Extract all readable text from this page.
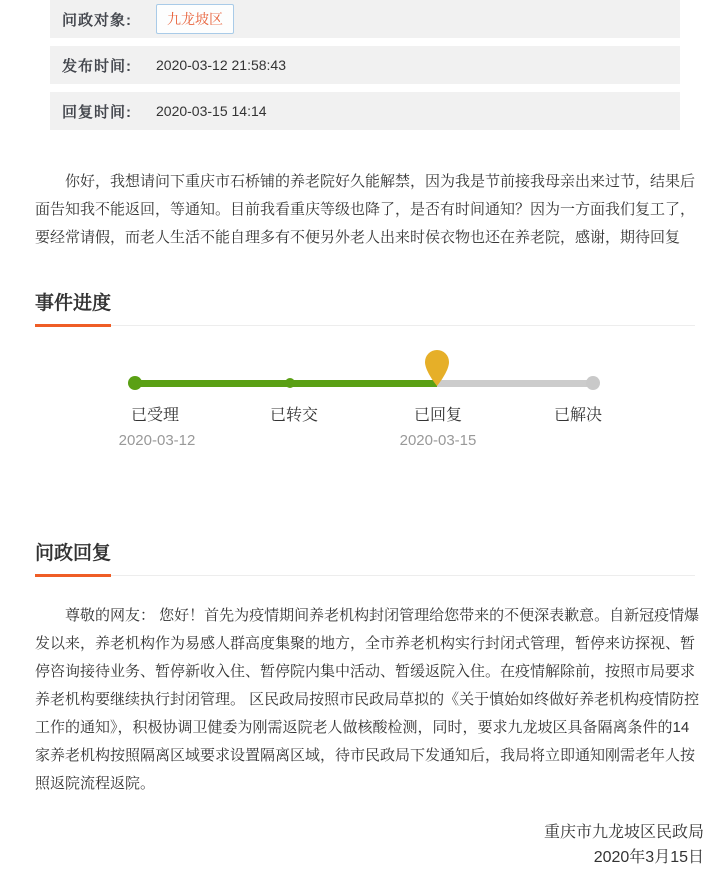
问政对象:	九龙坡区
发布时间: 2020-03-12 21:58:43
回复时间: 2020-03-15 14:14

你好，我想请问下重庆市石桥铺的养老院好久能解禁，因为我是节前接我母亲出来过节，结果后面告知我不能返回，等通知。目前我看重庆等级也降了，是否有时间通知？因为一方面我们复工了，要经常请假，而老人生活不能自理多有不便另外老人出来时侯衣物也还在养老院，感谢，期待回复

事件进度
已受理	已转交	已回复	已解决
2020-03-12	2020-03-15
问政回复

尊敬的网友： 您好！首先为疫情期间养老机构封闭管理给您带来的不便深表歉意。自新冠疫情爆发以来，养老机构作为易感人群高度集聚的地方，全市养老机构实行封闭式管理，暂停来访探视、暂停咨询接待业务、暂停新收入住、暂停院内集中活动、暂缓返院入住。在疫情解除前，按照市局要求养老机构要继续执行封闭管理。 区民政局按照市民政局草拟的《关于慎始如终做好养老机构疫情防控工作的通知》，积极协调卫健委为刚需返院老人做核酸检测，同时，要求九龙坡区具备隔离条件的14家养老机构按照隔离区域要求设置隔离区域，待市民政局下发通知后，我局将立即通知刚需老年人按照返院流程返院。

重庆市九龙坡区民政局
2020年3月15日
